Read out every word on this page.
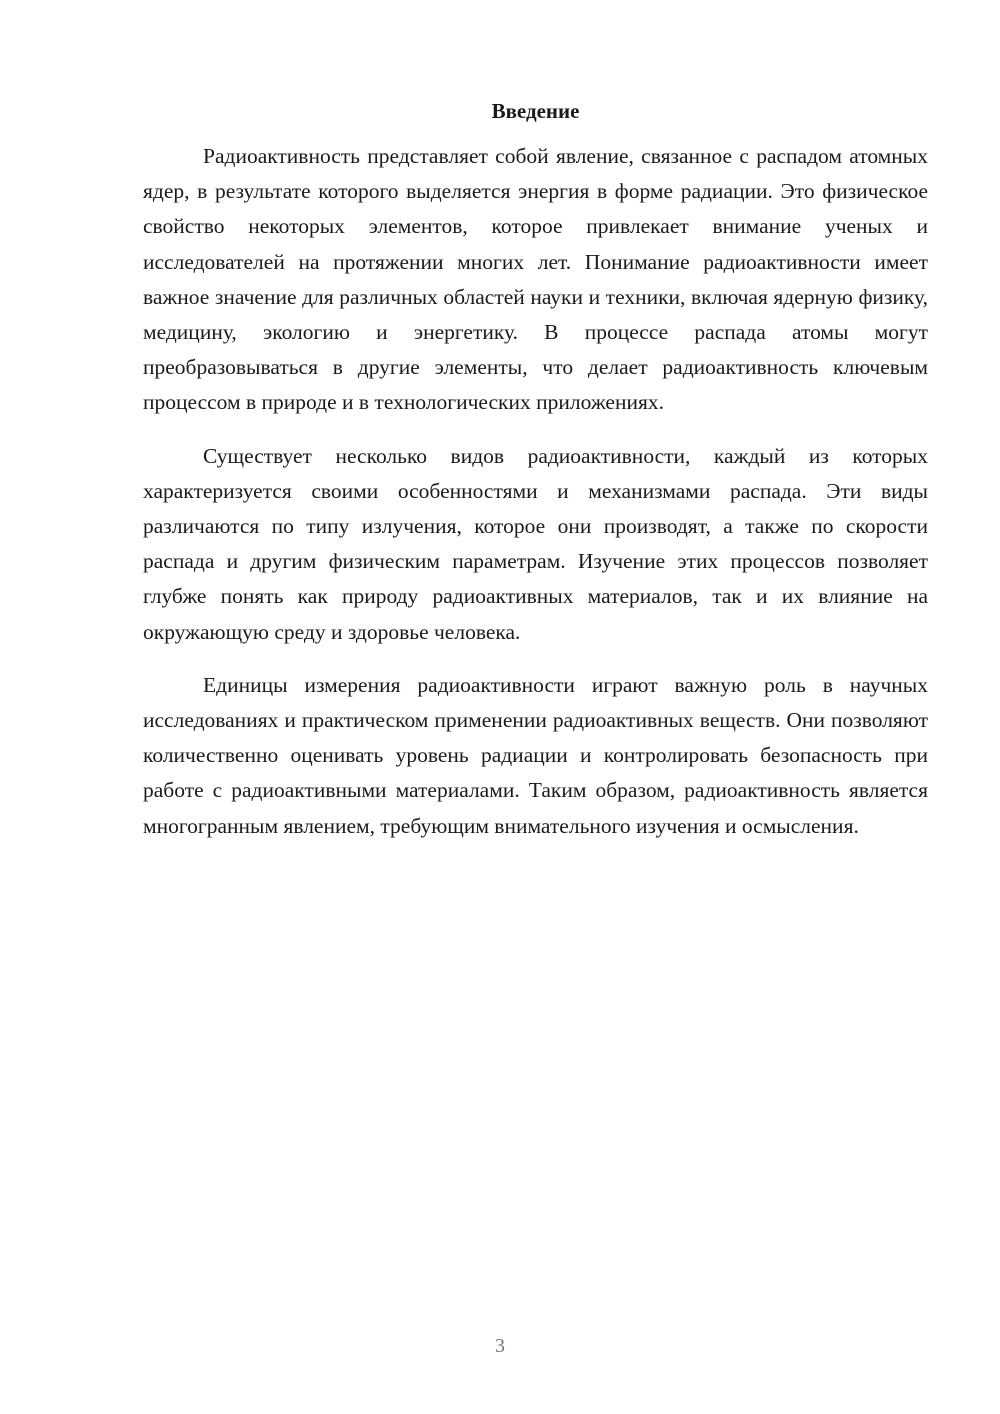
Введение

Радиоактивность представляет собой явление, связанное с распадом атомных ядер, в результате которого выделяется энергия в форме радиации. Это физическое свойство некоторых элементов, которое привлекает внимание ученых и исследователей на протяжении многих лет. Понимание радиоактивности имеет важное значение для различных областей науки и техники, включая ядерную физику, медицину, экологию и энергетику. В процессе распада атомы могут преобразовываться в другие элементы, что делает радиоактивность ключевым процессом в природе и в технологических приложениях.

Существует несколько видов радиоактивности, каждый из которых характеризуется своими особенностями и механизмами распада. Эти виды различаются по типу излучения, которое они производят, а также по скорости распада и другим физическим параметрам. Изучение этих процессов позволяет глубже понять как природу радиоактивных материалов, так и их влияние на окружающую среду и здоровье человека.

Единицы измерения радиоактивности играют важную роль в научных исследованиях и практическом применении радиоактивных веществ. Они позволяют количественно оценивать уровень радиации и контролировать безопасность при работе с радиоактивными материалами. Таким образом, радиоактивность является многогранным явлением, требующим внимательного изучения и осмысления.

3
